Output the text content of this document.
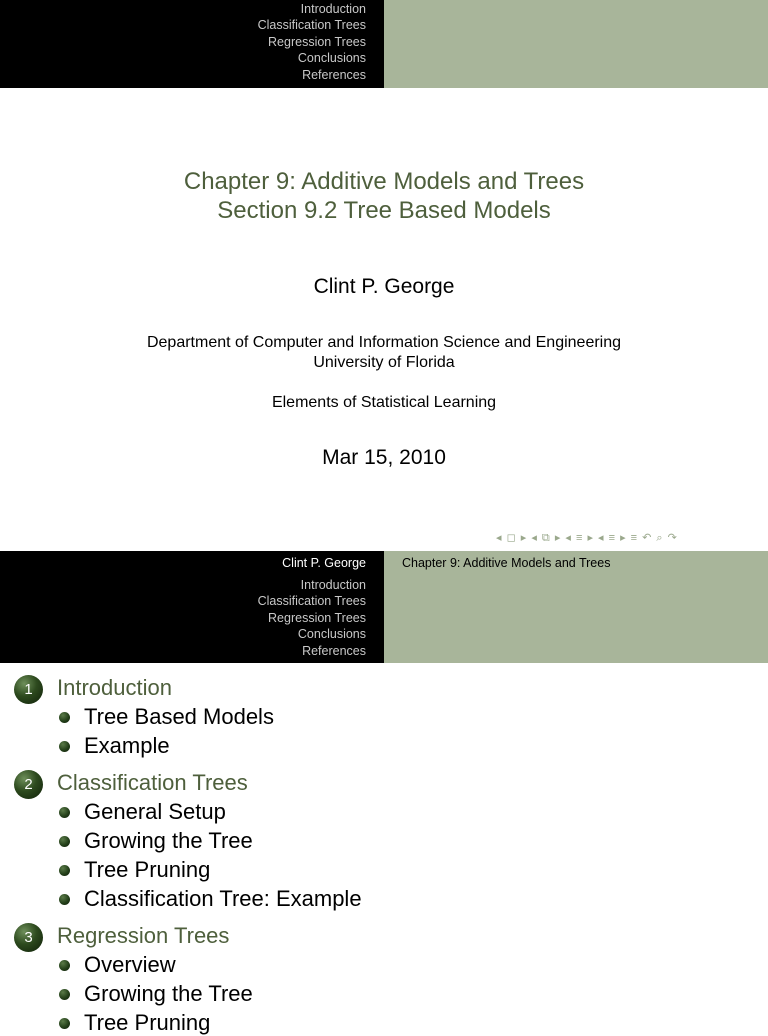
Introduction
Classification Trees
Regression Trees
Conclusions
References
Chapter 9: Additive Models and Trees
Section 9.2 Tree Based Models
Clint P. George
Department of Computer and Information Science and Engineering
University of Florida
Elements of Statistical Learning
Mar 15, 2010
◂ ◻ ▸ ◂ ⧉ ▸ ◂ ≡ ▸ ◂ ≡ ▸ ≡ ↶ ⌕ ↷
Clint P. George
Introduction
Classification Trees
Regression Trees
Conclusions
References
Chapter 9: Additive Models and Trees
1	Introduction
Tree Based Models
Example
2	Classification Trees
General Setup
Growing the Tree
Tree Pruning
Classification Tree: Example
3	Regression Trees
Overview
Growing the Tree
Tree Pruning
